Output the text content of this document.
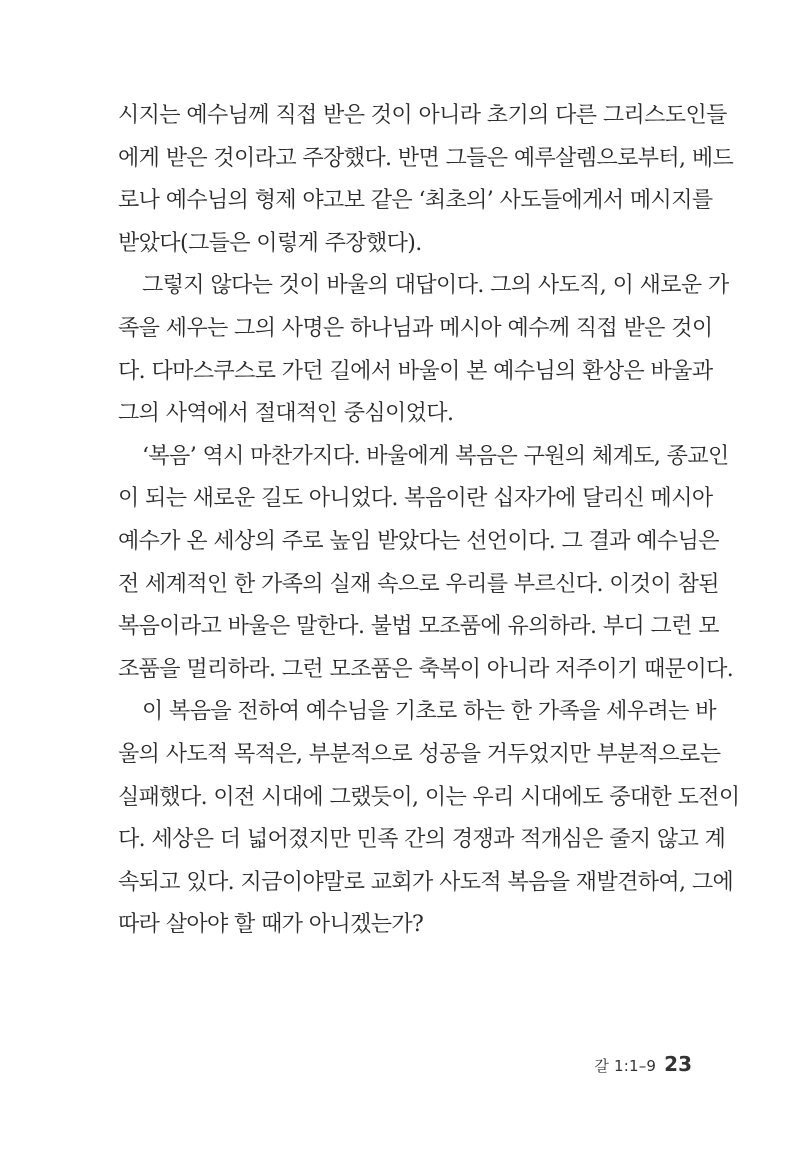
시지는 예수님께 직접 받은 것이 아니라 초기의 다른 그리스도인들
에게 받은 것이라고 주장했다. 반면 그들은 예루살렘으로부터, 베드
로나 예수님의 형제 야고보 같은 ‘최초의’ 사도들에게서 메시지를
받았다(그들은 이렇게 주장했다).
그렇지 않다는 것이 바울의 대답이다. 그의 사도직, 이 새로운 가
족을 세우는 그의 사명은 하나님과 메시아 예수께 직접 받은 것이
다. 다마스쿠스로 가던 길에서 바울이 본 예수님의 환상은 바울과
그의 사역에서 절대적인 중심이었다.
‘복음’ 역시 마찬가지다. 바울에게 복음은 구원의 체계도, 종교인
이 되는 새로운 길도 아니었다. 복음이란 십자가에 달리신 메시아
예수가 온 세상의 주로 높임 받았다는 선언이다. 그 결과 예수님은
전 세계적인 한 가족의 실재 속으로 우리를 부르신다. 이것이 참된
복음이라고 바울은 말한다. 불법 모조품에 유의하라. 부디 그런 모
조품을 멀리하라. 그런 모조품은 축복이 아니라 저주이기 때문이다.
이 복음을 전하여 예수님을 기초로 하는 한 가족을 세우려는 바
울의 사도적 목적은, 부분적으로 성공을 거두었지만 부분적으로는
실패했다. 이전 시대에 그랬듯이, 이는 우리 시대에도 중대한 도전이
다. 세상은 더 넓어졌지만 민족 간의 경쟁과 적개심은 줄지 않고 계
속되고 있다. 지금이야말로 교회가 사도적 복음을 재발견하여, 그에
따라 살아야 할 때가 아니겠는가?
갈 1:1–9 23
